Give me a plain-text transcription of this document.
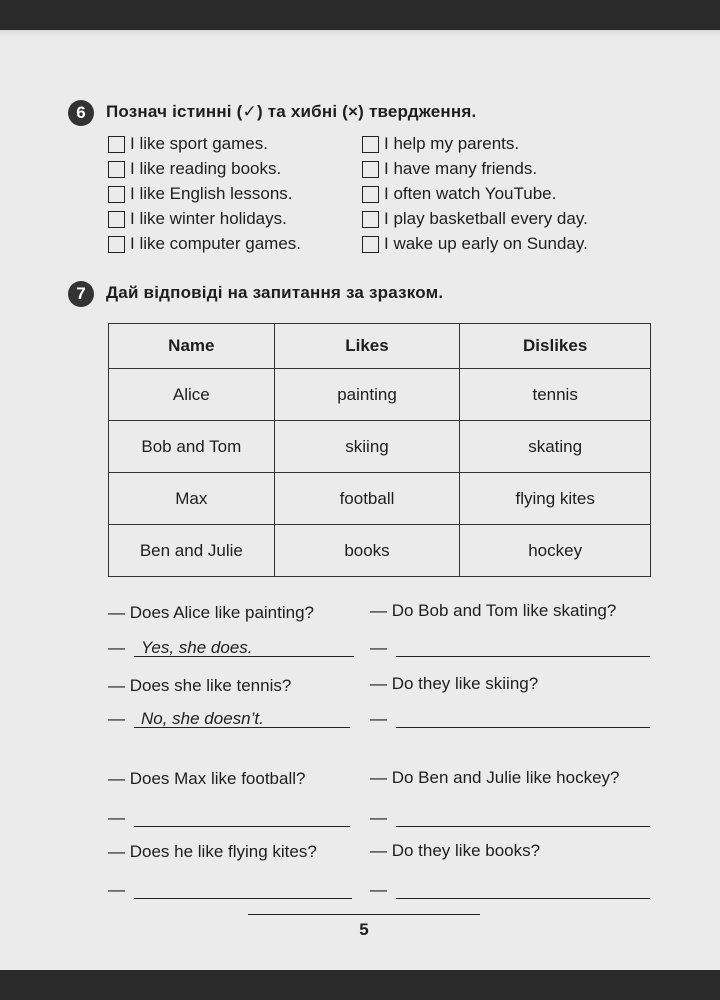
6	Познач істинні (✓) та хибні (×) твердження.
I like sport games.
I like reading books.
I like English lessons.
I like winter holidays.
I like computer games.
I help my parents.
I have many friends.
I often watch YouTube.
I play basketball every day.
I wake up early on Sunday.
7	Дай відповіді на запитання за зразком.
Name	Likes	Dislikes
Alice	painting	tennis
Bob and Tom	skiing	skating
Max	football	flying kites
Ben and Julie	books	hockey
— Does Alice like painting?	— Do Bob and Tom like skating?
— Does she like tennis?	— Do they like skiing?
— Does Max like football?	— Do Ben and Julie like hockey?
— Does he like flying kites?	— Do they like books?
— Yes, she does.
— No, she doesn’t.
—
—
—
—
—
—
5
